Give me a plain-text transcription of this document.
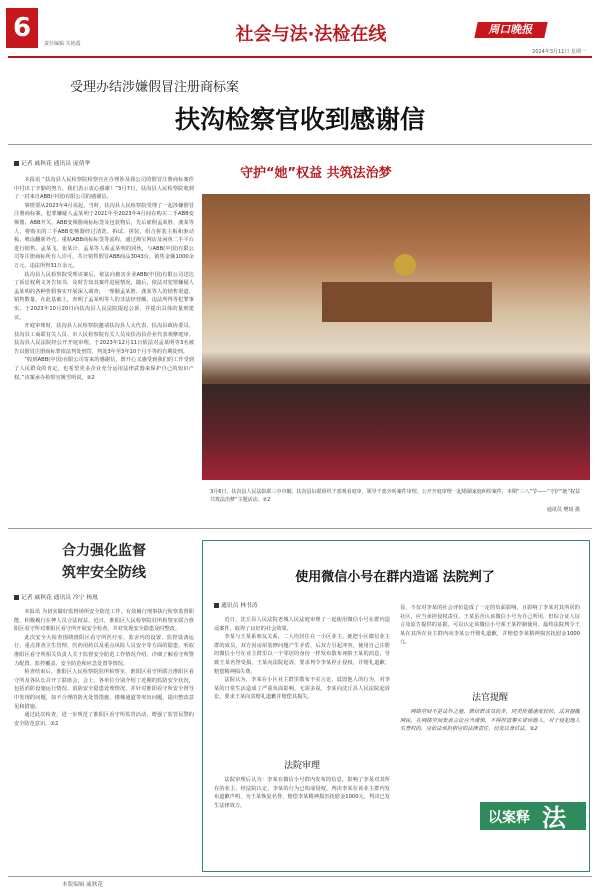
6
责任编辑 关艳霞	社会与法·法检在线	周口晚报
2024年3月11日 星期一
受理办结涉嫌假冒注册商标案
扶沟检察官收到感谢信
记者 戚秋花 通讯员 庞倩华

本报讯 “扶沟县人民检察院检察官在办理涉及我公司的假冒注册商标案件中付出了辛勤的努力，我们表示衷心感谢！”3月7日，扶沟县人民检察院收到了一封来自ABB(中国)有限公司的感谢信。

事情要从2023年4月说起，当时，扶沟县人民检察院受理了一起涉嫌假冒注册商标案，犯罪嫌疑人孟某明于2021年至2023年4月间在购买二手ABB变频器、ABB开关、ABB变频器商标标签及包装物后，先后雇佣孟某胜、龚某等人，将购买的二手ABB变频器经过清洗、拆试、拼装，组合拼装主板和驱动板、喷涂翻新外壳、重贴ABB商标标签等流程，通过淘宝网店及闲鱼二手平台进行销售，孟某飞、张某计、孟某等人系孟某明的同伙，与ABB(中国)有限公司等注册商标所有人许可，共计销售假冒ABB商品3043台，销售金额1000余万元，违法所得31万余元。

扶沟县人民检察院受理该案后，依法向被害企业ABB(中国)有限公司送达了诉讼权利义务告知书，及时告知其案件进展情况，随后，依法对犯罪嫌疑人孟某明的各种售假事实开展深入调查，一理顺孟某胜、龚某等人的销售渠道、销售数量，在此基础上，查明了孟某明等人的非法经营额、违法所得等犯罪事实。于2023年10月20日向扶沟县人民法院提起公诉，并提出具体的量刑建议。

开庭审理时，扶沟县人民检察院邀请扶沟县人大代表、扶沟县政协委员、扶沟县工商联有关人员、市人民检察院有关人员及扶沟县企业代表观摩庭审。扶沟县人民法院经公开开庭审理，于2023年12月11日依法对孟某明等3名被告以假冒注册商标罪依法判处刑罚，判处3年至3年10个月不等的有期徒刑。

“收到ABB(中国)有限公司寄来的感谢信，既开心又感受到我们的工作受到了人民群众的肯定，也希望更多企业充分运用法律武器来保护自己的知识产权。”该案承办检察官姚雪明说。②2

守护“她”权益 共筑法治梦
3月6日，扶沟县人民法院联三亭巾帼，扶沟县妇联组织干部观看庭审，领导干部旁听案件审理，公开开庭审理一起婚姻家庭纠纷案件，本期“三八”节——“守护“她”权益 共筑法治梦”主题活动。②2
通讯员 樊琦 摄
合力强化监督
筑牢安全防线
记者 戚秋花 通讯员 冷宁 杨凰

本报讯 为切实做好监督场所安全防范工作，有效履行刑事执行检察监督职能，积极履行在押人员合法权益，近日，淮阳区人民检察院驻所检察室联合淮阳区看守所对淮阳区看守所开展安全检查，并对发现安全隐患及时整改。

此次安全大检查围绕淮阳区看守所医疗室、监舍内的设置、监控设备运行、重点排查卫生管理、医药用药以及重点风险人员安全等方面的隐患，听取淮阳区看守所相关负责人关于监督安全防范工作情况介绍，详细了解看守所警力配置、监控覆盖、安全防范和应急处置等情况。

检查结束后，淮阳区人民检察院驻所检察室、淮阳区看守所联合淮阳区看守所及各队长召开了联席会，会上，各单位分别介绍了近期的监防安全状况，包括消防设施运行情况、消防安全隐患处理情况，并针对淮阳看守所安全督导中发现的问题，如不合理的防火处置措施、楼梯通道等突出问题，提出整改意见和措施。

通过此次检查，进一步规范了淮阳区看守所监管活动，增强了监管民警的安全防范意识。②2

使用微信小号在群内造谣 法院判了
通讯员 林书涛

近日，沈丘县人民法院老城人民法庭审理了一起使用微信小号在群内造谣案件，取得了良好的社会效果。

李某与王某系朋友关系，二人均居住在一小区业主。她把小区微信业主群的成员，双方因房屋装修问题产生矛盾，后双方引起冲突，使用自己注册的微信小号在业主群里以一个邻居的身份一样发布散布诬陷王某的消息，导致王某名誉受损，王某向法院起诉，要求判令李某停止侵权，并赔礼道歉、赔偿精神损失费。

法院认为，李某在小区业主群里散布不实言论，诋毁他人的行为，对李某的日常生活造成了严重负面影响。无需多说，李某向沈丘县人民法院起诉讼，要求王某向其赔礼道歉并赔偿其损失。

法院审理

法院审理后认为：李某在微信小号群内发布的信息，影响了李某对其所在的业主，经法院认定，李某的行为已构成侵权，判决李某在该业主群内发布道歉声明，为王某恢复名誉，赔偿李某精神损害抚慰金1000元，判决已发生法律效力。

显，不仅对李某的社会评价造成了一定的负面影响，且影响了李某对其所居的社区，应当承担侵权责任。王某虽否认该微信小号为自己所用，但综合证人证言及原告提供的证据，可以认定该微信小号系王某控制使用。最终法院判令王某在其所在业主群内向李某公开赔礼道歉，并赔偿李某精神损害抚慰金1000元。

法官提醒

网络空间不是法外之地，微信群成员较多，同类传播速度较快，法官提醒网民，在网络空间发表言论应当谨慎，不得捏造事实诽谤他人。对于侵犯他人名誉权的，应依法承担相应的法律责任，切莫以身试法。②2

以案释 法
本版编辑 戚秋花
